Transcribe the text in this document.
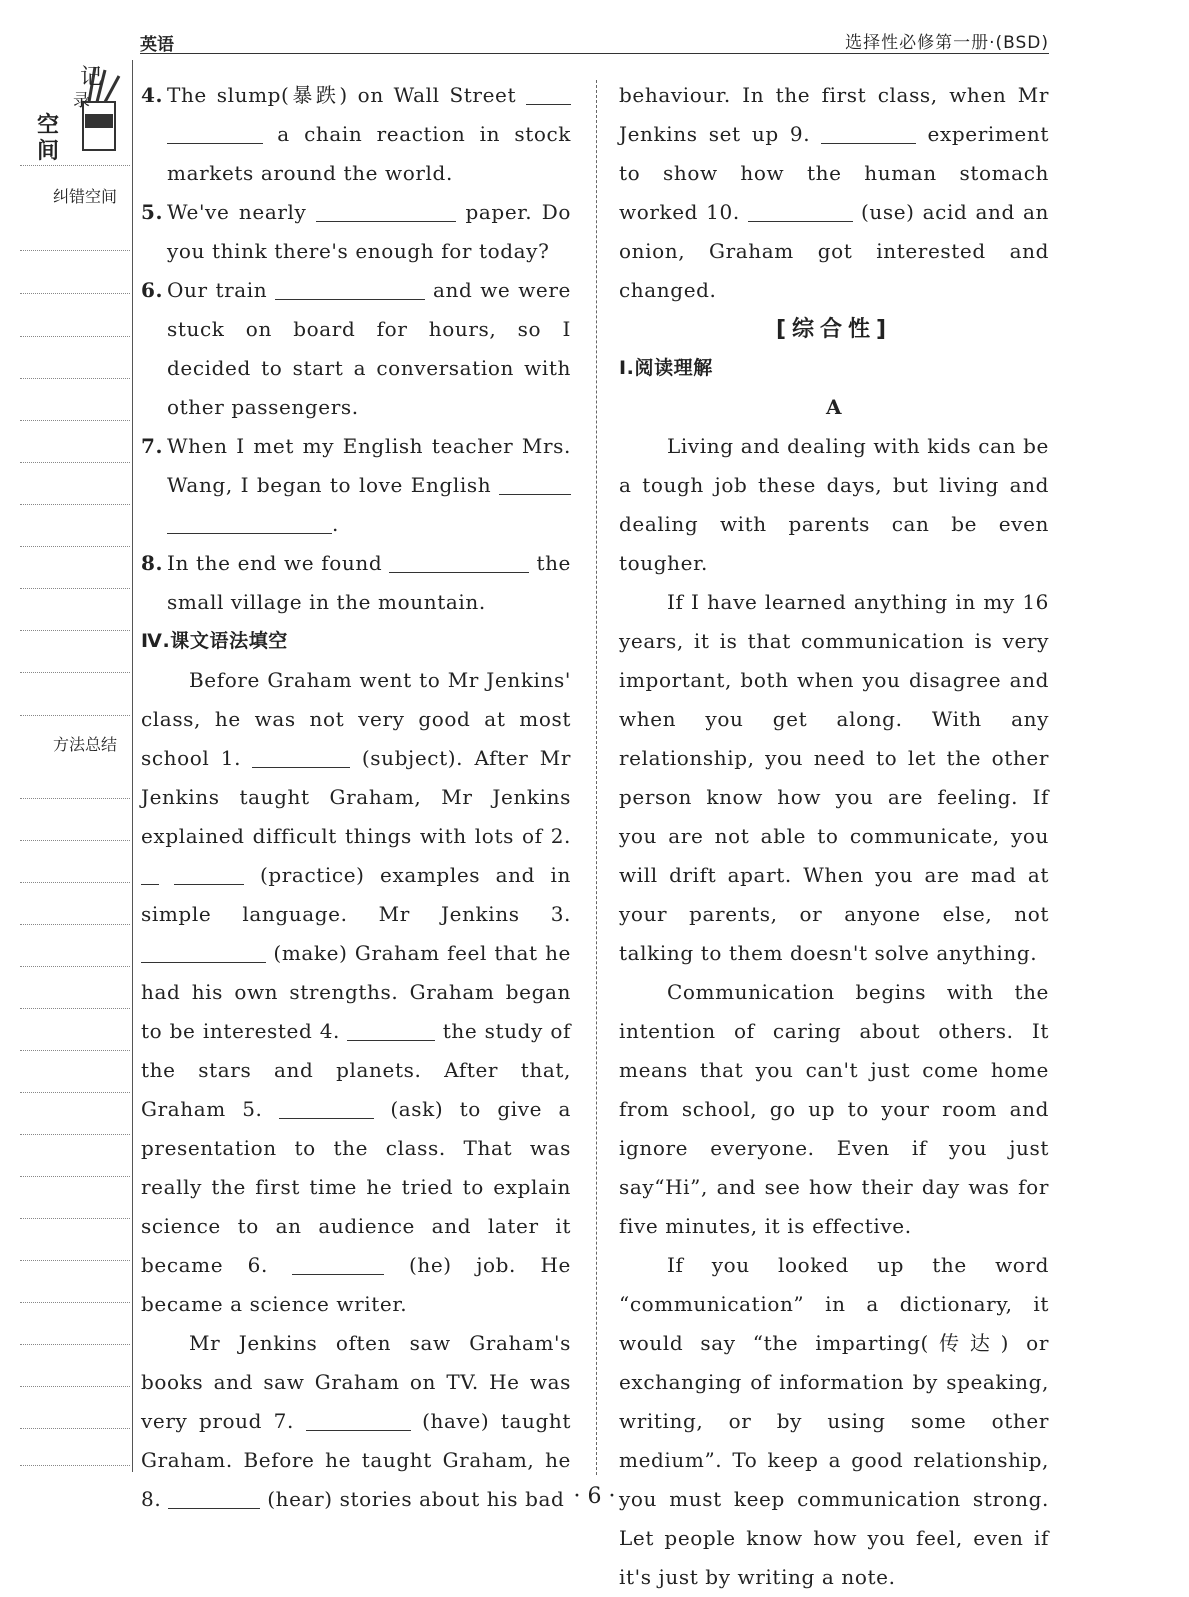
英语	选择性必修第一册·(BSD)
记
录
空
间
纠错空间
方法总结

4. The slump(暴跌) on Wall Street   a chain reaction in stock markets around the world.

5. We've nearly	paper. Do you think there's enough for today?

6. Our train	and we were stuck on board for hours, so I decided to start a conversation with other passengers.

7. When I met my English teacher Mrs. Wang, I began to love English  .

8. In the end we found	the small village in the mountain.

Ⅳ.课文语法填空

Before Graham went to Mr Jenkins' class, he was not very good at most school 1.	(subject). After Mr Jenkins taught Graham, Mr Jenkins explained difficult things with lots of 2.   (practice) examples and in simple language. Mr Jenkins 3.  (make) Graham feel that he had his own strengths. Graham began to be interested 4.	the study of the stars and planets. After that, Graham 5.	(ask) to give a presentation to the class. That was really the first time he tried to explain science to an audience and later it became 6.	(he) job. He became a science writer.

Mr Jenkins often saw Graham's books and saw Graham on TV. He was very proud 7.	(have) taught Graham. Before he taught Graham, he 8.	(hear) stories about his bad

behaviour. In the first class, when Mr Jenkins set up 9.	experiment to show how the human stomach worked 10.	(use) acid and an onion, Graham got interested and changed.

[综合性]

Ⅰ.阅读理解

A

Living and dealing with kids can be a tough job these days, but living and dealing with parents can be even tougher.

If I have learned anything in my 16 years, it is that communication is very important, both when you disagree and when you get along. With any relationship, you need to let the other person know how you are feeling. If you are not able to communicate, you will drift apart. When you are mad at your parents, or anyone else, not talking to them doesn't solve anything.

Communication begins with the intention of caring about others. It means that you can't just come home from school, go up to your room and ignore everyone. Even if you just say“Hi”, and see how their day was for five minutes, it is effective.

If you looked up the word “communication” in a dictionary, it would say “the imparting(传达) or exchanging of information by speaking, writing, or by using some other medium”. To keep a good relationship, you must keep communication strong. Let people know how you feel, even if it's just by writing a note.

· 6 ·
